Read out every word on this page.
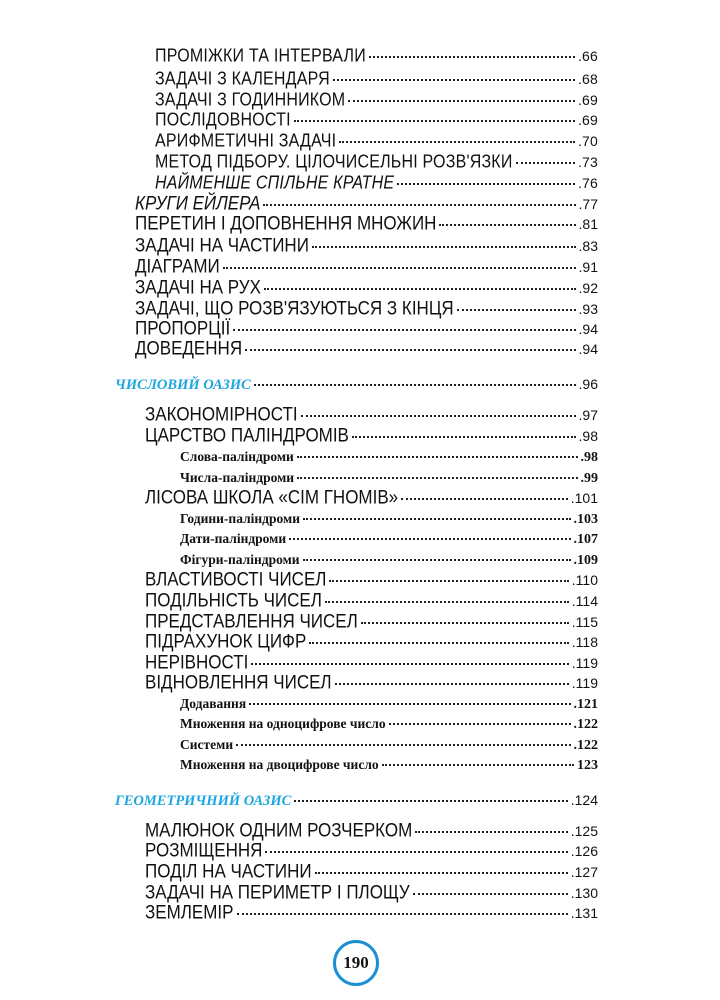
ПРОМІЖКИ ТА ІНТЕРВАЛИ	.66
ЗАДАЧІ З КАЛЕНДАРЯ	.68
ЗАДАЧІ З ГОДИННИКОМ	.69
ПОСЛІДОВНОСТІ	.69
АРИФМЕТИЧНІ ЗАДАЧІ	.70
МЕТОД ПІДБОРУ. ЦІЛОЧИСЕЛЬНІ РОЗВ'ЯЗКИ	.73
НАЙМЕНШЕ СПІЛЬНЕ КРАТНЕ	.76
КРУГИ ЕЙЛЕРА	.77
ПЕРЕТИН І ДОПОВНЕННЯ МНОЖИН	.81
ЗАДАЧІ НА ЧАСТИНИ	.83
ДІАГРАМИ	.91
ЗАДАЧІ НА РУХ	.92
ЗАДАЧІ, ЩО РОЗВ'ЯЗУЮТЬСЯ З КІНЦЯ	.93
ПРОПОРЦІЇ	.94
ДОВЕДЕННЯ	.94
ЧИСЛОВИЙ ОАЗИС	.96
ЗАКОНОМІРНОСТІ	.97
ЦАРСТВО ПАЛІНДРОМІВ	.98
Слова-паліндроми	.98
Числа-паліндроми	.99
ЛІСОВА ШКОЛА «СІМ ГНОМІВ»	.101
Години-паліндроми	.103
Дати-паліндроми	.107
Фігури-паліндроми	.109
ВЛАСТИВОСТІ ЧИСЕЛ	.110
ПОДІЛЬНІСТЬ ЧИСЕЛ	.114
ПРЕДСТАВЛЕННЯ ЧИСЕЛ	.115
ПІДРАХУНОК ЦИФР	.118
НЕРІВНОСТІ	.119
ВІДНОВЛЕННЯ ЧИСЕЛ	.119
Додавання	.121
Множення на одноцифрове число	.122
Системи	.122
Множення на двоцифрове число	123
ГЕОМЕТРИЧНИЙ ОАЗИС	.124
МАЛЮНОК ОДНИМ РОЗЧЕРКОМ	.125
РОЗМІЩЕННЯ	.126
ПОДІЛ НА ЧАСТИНИ	.127
ЗАДАЧІ НА ПЕРИМЕТР І ПЛОЩУ	.130
ЗЕМЛЕМІР	.131
190
